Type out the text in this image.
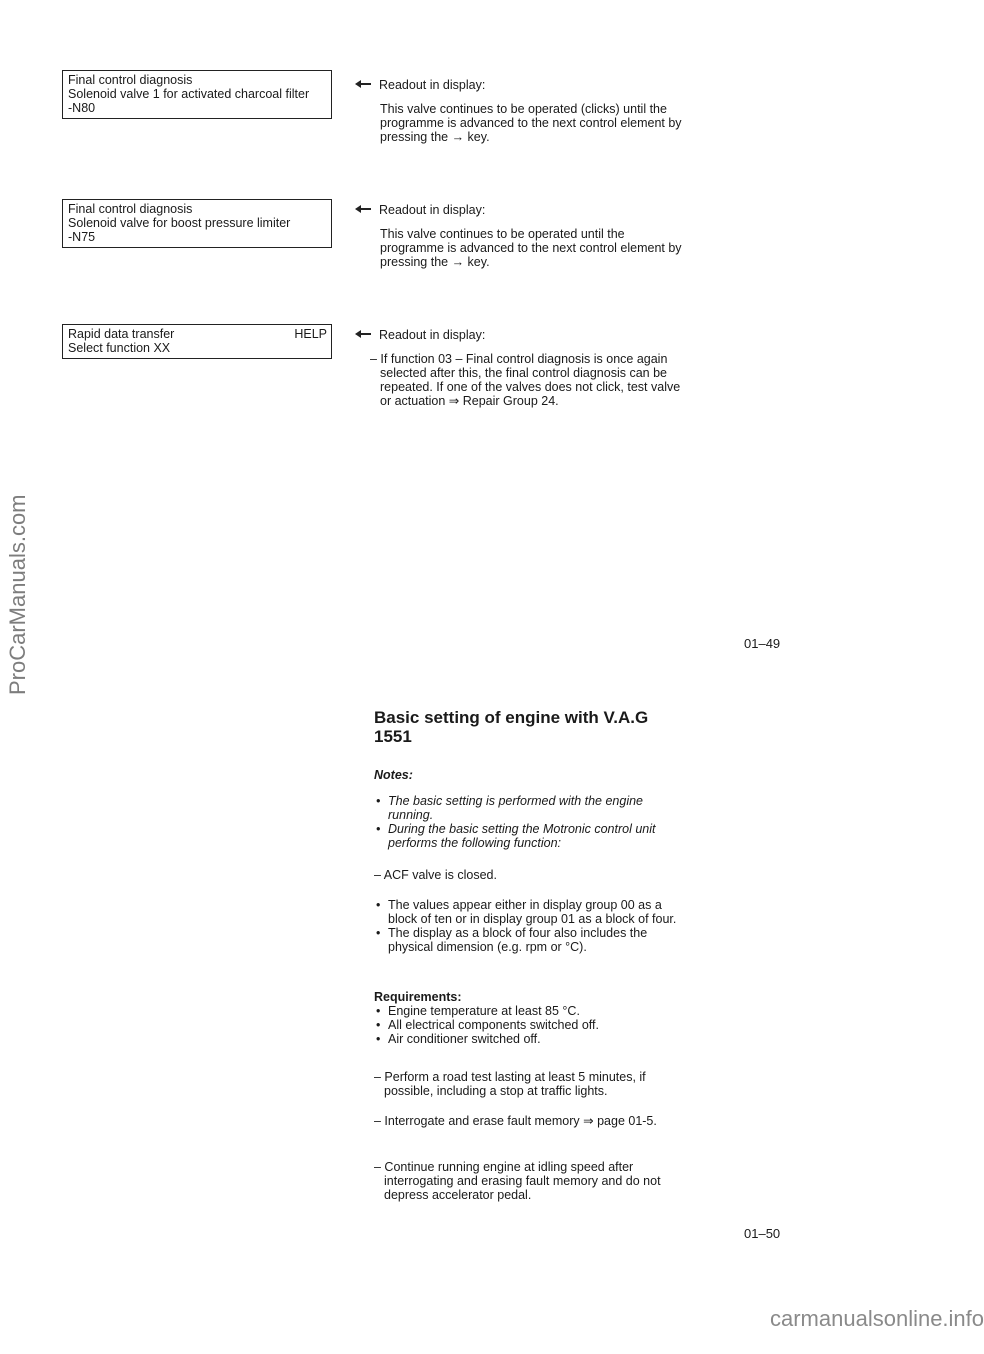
ProCarManuals.com
Final control diagnosis
Solenoid valve 1 for activated charcoal filter
-N80
Readout in display:
This valve continues to be operated (clicks) until the programme is advanced to the next control element by pressing the → key.
Final control diagnosis
Solenoid valve for boost pressure limiter
-N75
Readout in display:
This valve continues to be operated until the programme is advanced to the next control element by pressing the → key.
Rapid data transfer	HELP
Select function XX
Readout in display:
– If function 03 – Final control diagnosis is once again selected after this, the final control diagnosis can be repeated. If one of the valves does not click, test valve or actuation ⇒ Repair Group 24.
01–49
Basic setting of engine with V.A.G 1551
Notes:
• The basic setting is performed with the engine running.
• During the basic setting the Motronic control unit performs the following function:
– ACF valve is closed.
• The values appear either in display group 00 as a block of ten or in display group 01 as a block of four.
• The display as a block of four also includes the physical dimension (e.g. rpm or °C).
Requirements:
• Engine temperature at least 85 °C.
• All electrical components switched off.
• Air conditioner switched off.
– Perform a road test lasting at least 5 minutes, if possible, including a stop at traffic lights.
– Interrogate and erase fault memory ⇒ page 01-5.
– Continue running engine at idling speed after interrogating and erasing fault memory and do not depress accelerator pedal.
01–50
carmanualsonline.info
